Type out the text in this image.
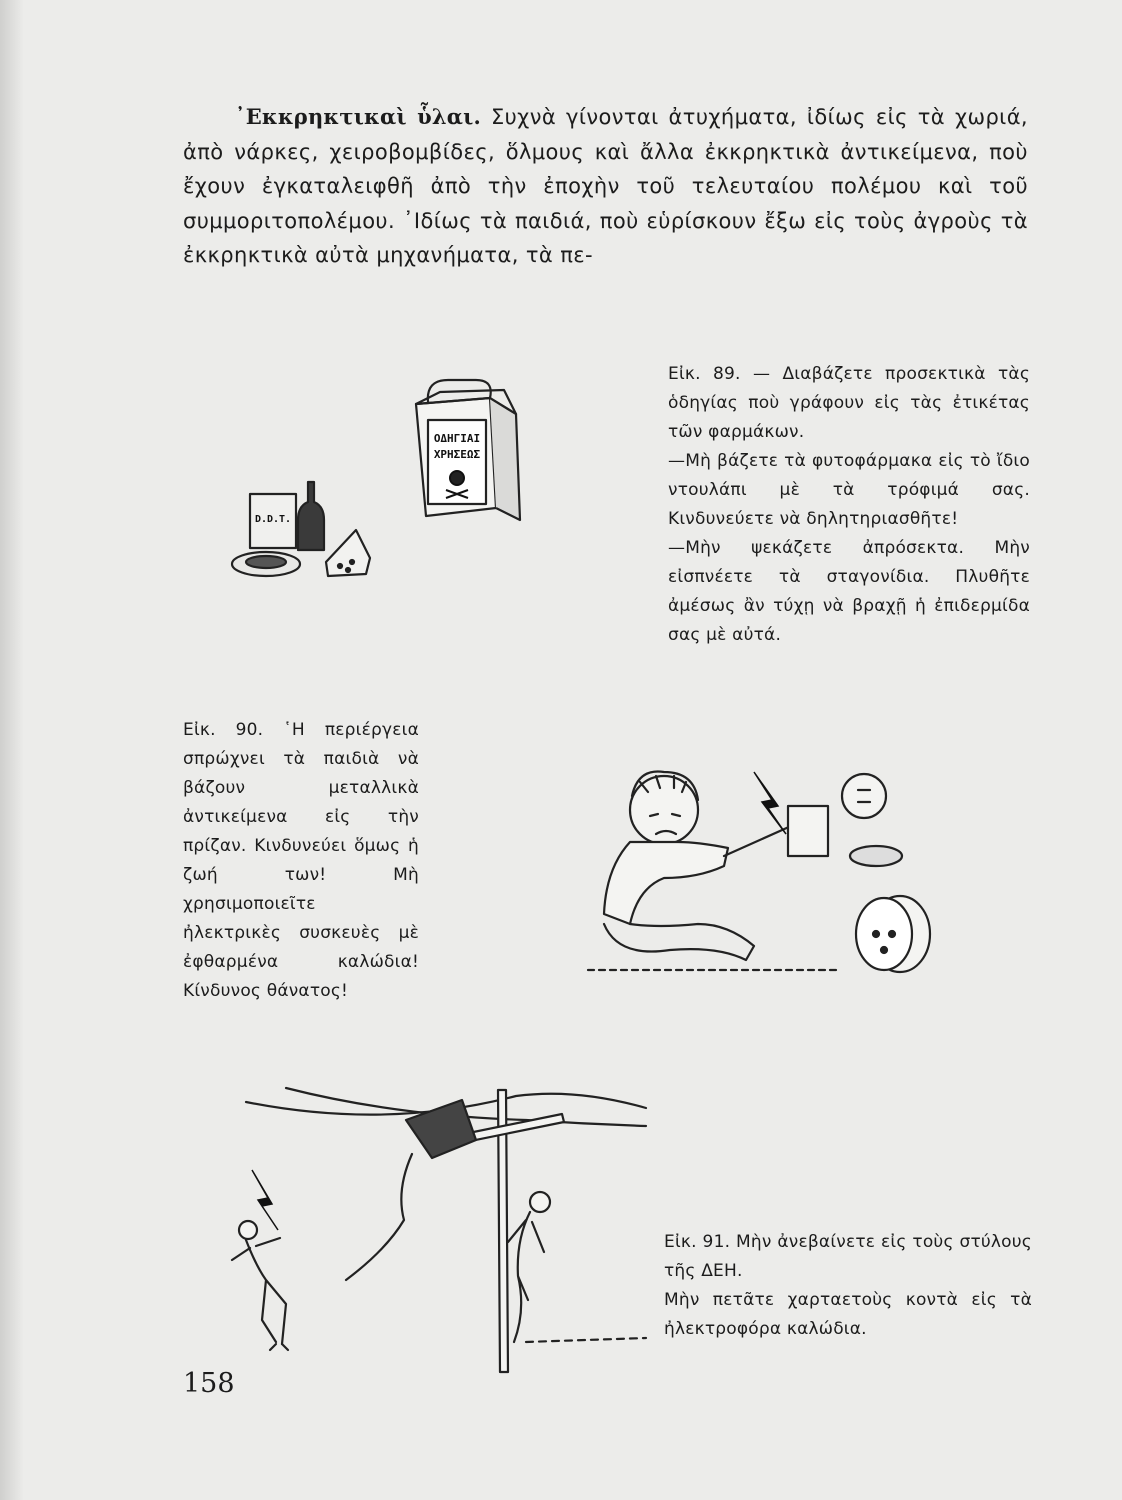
᾿Εκκρηκτικαὶ ὗλαι. Συχνὰ γίνονται ἀτυχήματα, ἰδίως εἰς τὰ χωριά, ἀπὸ νάρκες, χειροβομβίδες, ὅλμους καὶ ἄλλα ἐκκρηκτικὰ ἀντικείμενα, ποὺ ἔχουν ἐγκαταλειφθῆ ἀπὸ τὴν ἐποχὴν τοῦ τελευταίου πολέμου καὶ τοῦ συμμοριτοπολέμου. ᾿Ιδίως τὰ παιδιά, ποὺ εὑρίσκουν ἔξω εἰς τοὺς ἀγροὺς τὰ ἐκκρηκτικὰ αὐτὰ μηχανήματα, τὰ πε-
ΟΔΗΓΙΑΙ
ΧΡΗΣΕΩΣ
D.D.T.

Εἰκ. 89. — Διαβάζετε προσεκτικὰ τὰς ὁδηγίας ποὺ γράφουν εἰς τὰς ἐτικέτας τῶν φαρμάκων.

—Μὴ βάζετε τὰ φυτοφάρμακα εἰς τὸ ἴδιο ντουλάπι μὲ τὰ τρόφιμά σας. Κινδυνεύετε νὰ δηλητηριασθῆτε!

—Μὴν ψεκάζετε ἀπρόσεκτα. Μὴν εἰσπνέετε τὰ σταγονίδια. Πλυθῆτε ἀμέσως ἂν τύχῃ νὰ βραχῇ ἡ ἐπιδερμίδα σας μὲ αὐτά.

Εἰκ. 90. ῾Η περιέργεια σπρώχνει τὰ παιδιὰ νὰ βάζουν μεταλλικὰ ἀντικείμενα εἰς τὴν πρίζαν. Κινδυνεύει ὅμως ἡ ζωή των! Μὴ χρησιμοποιεῖτε ἠλεκτρικὲς συσκευὲς μὲ ἐφθαρμένα καλώδια! Κίνδυνος θάνατος!

Εἰκ. 91. Μὴν ἀνεβαίνετε εἰς τοὺς στύλους τῆς ΔΕΗ.

Μὴν πετᾶτε χαρταετοὺς κοντὰ εἰς τὰ ἠλεκτροφόρα καλώδια.

158
